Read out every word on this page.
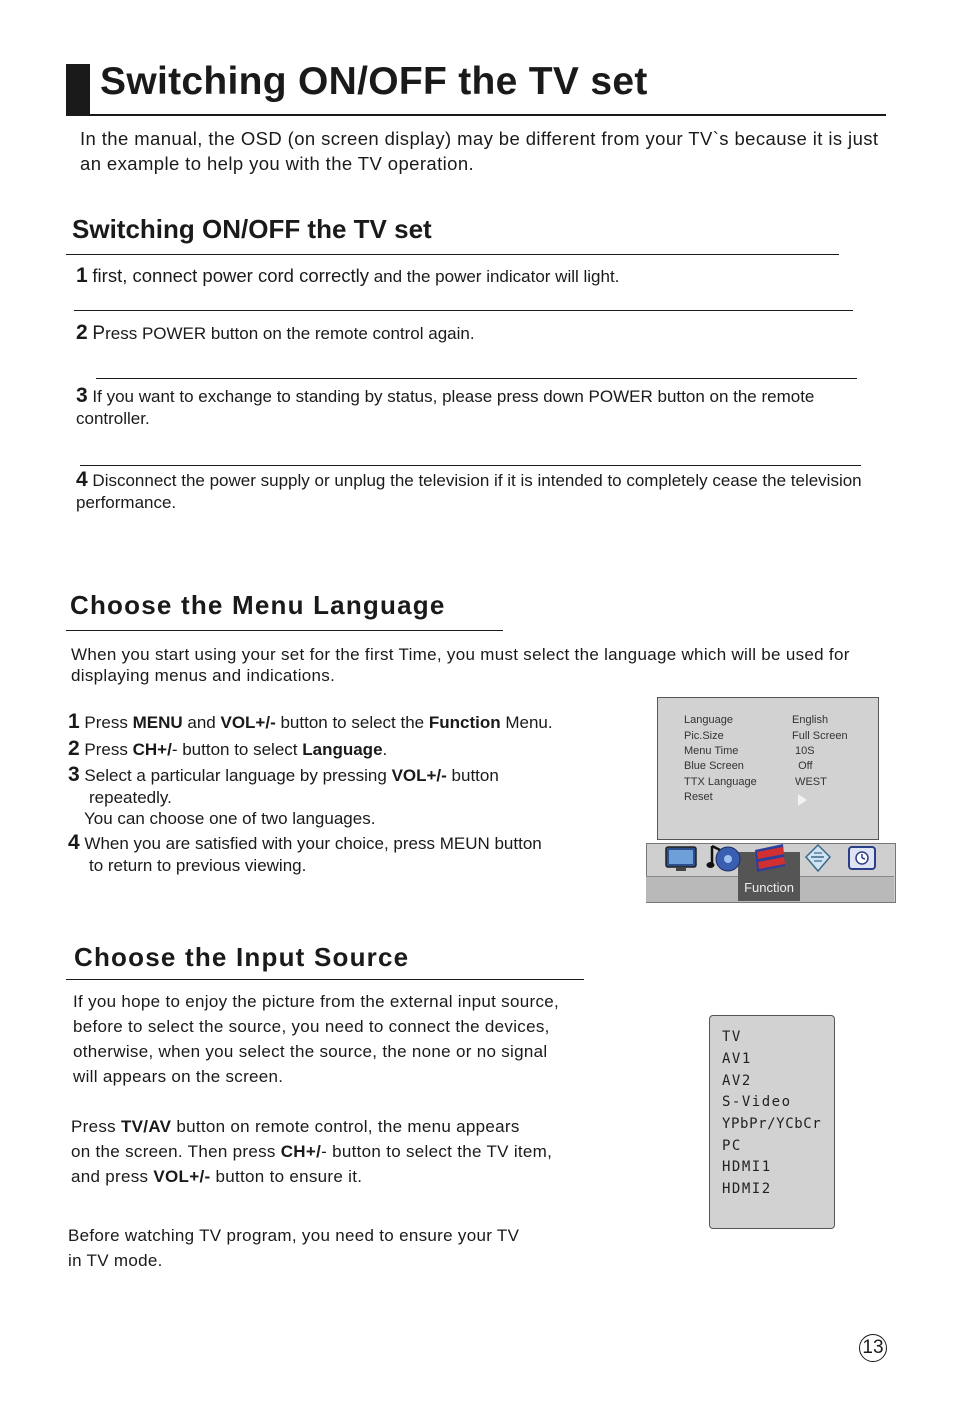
Switching ON/OFF the TV set
In the manual, the OSD (on screen display) may be different from your TV`s because it is just an example to help you with the TV operation.
Switching ON/OFF the TV set
1 first, connect power cord correctly and the power indicator will light.
2 Press POWER button on the remote control again.
3 If you want to exchange to standing by status, please press down POWER button on the remote controller.
4 Disconnect the power supply or unplug the television if it is intended to completely cease the television performance.
Choose the Menu Language
When you start using your set for the first Time, you must select the language which will be used for displaying menus and indications.
1 Press MENU and VOL+/- button to select the Function Menu.
2 Press CH+/- button to select Language.
3 Select a particular language by pressing VOL+/- button
repeatedly.
You can choose one of two languages.
4 When you are satisfied with your choice, press MEUN button
to return to previous viewing.
Language	English
Pic.Size	Full Screen
Menu Time	10S
Blue Screen	Off
TTX Language	WEST
Reset
Function
Choose the Input Source
If you hope to enjoy the picture from the external input source,
before to select the source, you need to connect the devices,
otherwise, when you select the source, the none or no signal
will appears on the screen.
Press TV/AV button on remote control, the menu appears
on the screen. Then press CH+/- button to select the TV item,
and press VOL+/- button to ensure it.
Before watching TV program, you need to ensure your TV
in TV mode.
TV
AV1
AV2
S-Video
YPbPr/YCbCr
PC
HDMI1
HDMI2
13
